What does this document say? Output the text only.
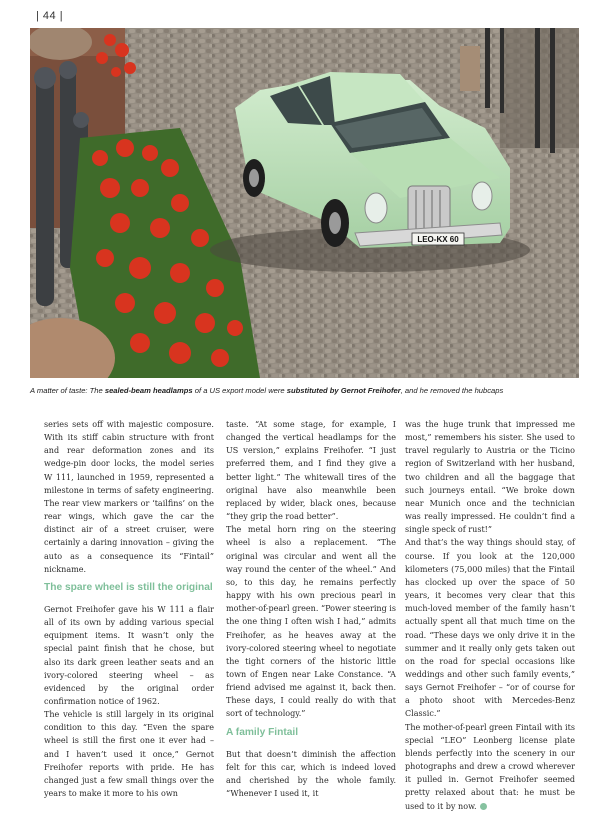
| 44 |
LEO-KX 60
A matter of taste: The sealed-beam headlamps of a US export model were substituted by Gernot Freihofer, and he removed the hubcaps

series sets off with majestic composure. With its stiff cabin structure with front and rear deformation zones and its wedge-pin door locks, the model series W 111, launched in 1959, represented a milestone in terms of safety engineering. The rear view markers or ‘tailfins’ on the rear wings, which gave the car the distinct air of a street cruiser, were certainly a daring innovation – giving the auto as a consequence its “Fintail” nickname.

The spare wheel is still the original

Gernot Freihofer gave his W 111 a flair all of its own by adding various special equipment items. It wasn’t only the special paint finish that he chose, but also its dark green leather seats and an ivory-colored steering wheel – as evidenced by the original order confirmation notice of 1962.

The vehicle is still largely in its original condition to this day. “Even the spare wheel is still the first one it ever had – and I haven’t used it once,” Gernot Freihofer reports with pride. He has changed just a few small things over the years to make it more to his own

taste. “At some stage, for example, I changed the vertical headlamps for the US version,” explains Freihofer. “I just preferred them, and I find they give a better light.” The whitewall tires of the original have also meanwhile been replaced by wider, black ones, because “they grip the road better”.

The metal horn ring on the steering wheel is also a replacement. “The original was circular and went all the way round the center of the wheel.” And so, to this day, he remains perfectly happy with his own precious pearl in mother-of-pearl green. “Power steering is the one thing I often wish I had,” admits Freihofer, as he heaves away at the ivory-colored steering wheel to negotiate the tight corners of the historic little town of Engen near Lake Constance. “A friend advised me against it, back then. These days, I could really do with that sort of technology.”

A family Fintail

But that doesn’t diminish the affection felt for this car, which is indeed loved and cherished by the whole family. “Whenever I used it, it

was the huge trunk that impressed me most,” remembers his sister. She used to travel regularly to Austria or the Ticino region of Switzerland with her husband, two children and all the baggage that such journeys entail. “We broke down near Munich once and the technician was really impressed. He couldn’t find a single speck of rust!”

And that’s the way things should stay, of course. If you look at the 120,000 kilometers (75,000 miles) that the Fintail has clocked up over the space of 50 years, it becomes very clear that this much-loved member of the family hasn’t actually spent all that much time on the road. “These days we only drive it in the summer and it really only gets taken out on the road for special occasions like weddings and other such family events,” says Gernot Freihofer – “or of course for a photo shoot with Mercedes-Benz Classic.”

The mother-of-pearl green Fintail with its special “LEO” Leonberg license plate blends perfectly into the scenery in our photographs and drew a crowd wherever it pulled in. Gernot Freihofer seemed pretty relaxed about that: he must be used to it by now.
